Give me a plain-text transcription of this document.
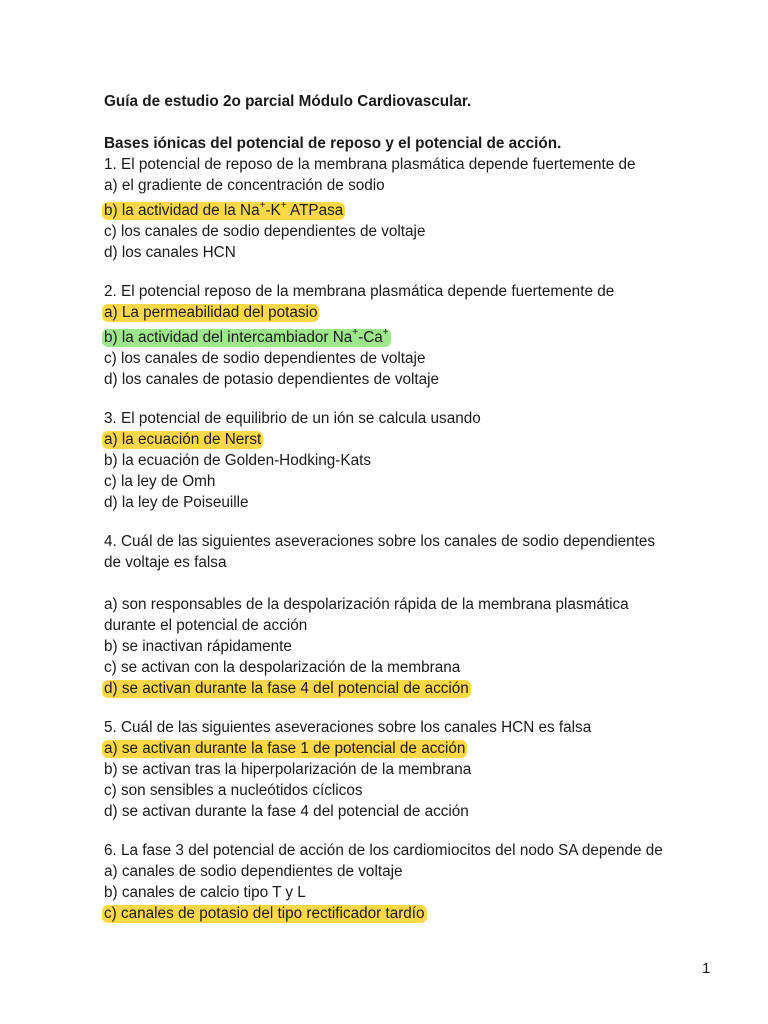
Guía de estudio 2o parcial Módulo Cardiovascular.

Bases iónicas del potencial de reposo y el potencial de acción.

1. El potencial de reposo de la membrana plasmática depende fuertemente de

a) el gradiente de concentración de sodio

b) la actividad de la Na+-K+ ATPasa

c) los canales de sodio dependientes de voltaje

d) los canales HCN

2. El potencial reposo de la membrana plasmática depende fuertemente de

a) La permeabilidad del potasio

b) la actividad del intercambiador Na+-Ca+

c) los canales de sodio dependientes de voltaje

d) los canales de potasio dependientes de voltaje

3. El potencial de equilibrio de un ión se calcula usando

a) la ecuación de Nerst

b) la ecuación de Golden-Hodking-Kats

c) la ley de Omh

d) la ley de Poiseuille

4. Cuál de las siguientes aseveraciones sobre los canales de sodio dependientes

de voltaje es falsa

a) son responsables de la despolarización rápida de la membrana plasmática

durante el potencial de acción

b) se inactivan rápidamente

c) se activan con la despolarización de la membrana

d) se activan durante la fase 4 del potencial de acción

5. Cuál de las siguientes aseveraciones sobre los canales HCN es falsa

a) se activan durante la fase 1 de potencial de acción

b) se activan tras la hiperpolarización de la membrana

c) son sensibles a nucleótidos cíclicos

d) se activan durante la fase 4 del potencial de acción

6. La fase 3 del potencial de acción de los cardiomiocitos del nodo SA depende de

a) canales de sodio dependientes de voltaje

b) canales de calcio tipo T y L

c) canales de potasio del tipo rectificador tardío

1
